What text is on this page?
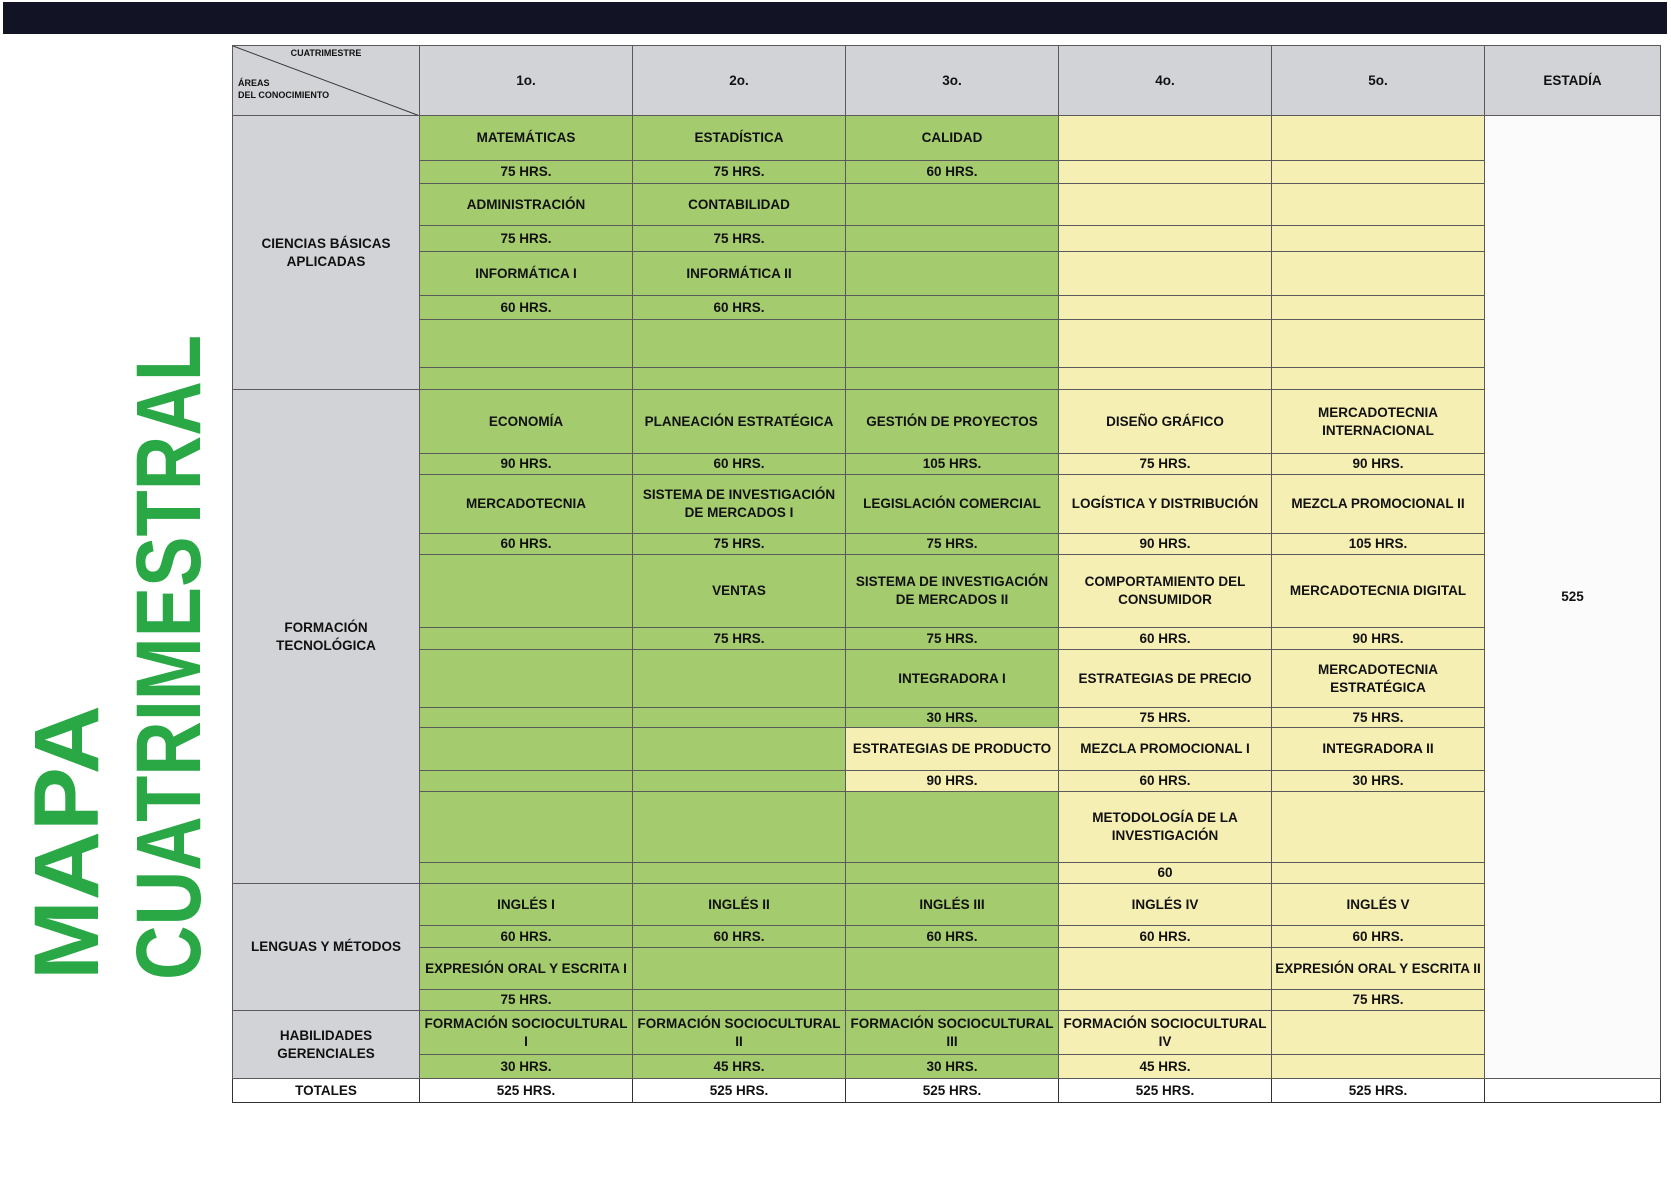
MAPA CUATRIMESTRAL
CUATRIMESTRE
ÁREAS
DEL CONOCIMIENTO	1o.	2o.	3o.	4o.	5o.	ESTADÍA
CIENCIAS BÁSICAS APLICADAS	MATEMÁTICAS	ESTADÍSTICA	CALIDAD			525
	75 HRS.	75 HRS.	60 HRS.			
	ADMINISTRACIÓN	CONTABILIDAD				
	75 HRS.	75 HRS.				
	INFORMÁTICA I	INFORMÁTICA II				
	60 HRS.	60 HRS.				

FORMACIÓN TECNOLÓGICA	ECONOMÍA	PLANEACIÓN ESTRATÉGICA	GESTIÓN DE PROYECTOS	DISEÑO GRÁFICO	MERCADOTECNIA INTERNACIONAL	
	90 HRS.	60 HRS.	105 HRS.	75 HRS.	90 HRS.	
	MERCADOTECNIA	SISTEMA DE INVESTIGACIÓN DE MERCADOS I	LEGISLACIÓN COMERCIAL	LOGÍSTICA Y DISTRIBUCIÓN	MEZCLA PROMOCIONAL II	
	60 HRS.	75 HRS.	75 HRS.	90 HRS.	105 HRS.	
		VENTAS	SISTEMA DE INVESTIGACIÓN DE MERCADOS II	COMPORTAMIENTO DEL CONSUMIDOR	MERCADOTECNIA DIGITAL	
		75 HRS.	75 HRS.	60 HRS.	90 HRS.	
			INTEGRADORA I	ESTRATEGIAS DE PRECIO	MERCADOTECNIA ESTRATÉGICA	
			30 HRS.	75 HRS.	75 HRS.	
			ESTRATEGIAS DE PRODUCTO	MEZCLA PROMOCIONAL I	INTEGRADORA II	
			90 HRS.	60 HRS.	30 HRS.	
				METODOLOGÍA DE LA INVESTIGACIÓN		
				60		
LENGUAS Y MÉTODOS	INGLÉS I	INGLÉS II	INGLÉS III	INGLÉS IV	INGLÉS V	
	60 HRS.	60 HRS.	60 HRS.	60 HRS.	60 HRS.	
	EXPRESIÓN ORAL Y ESCRITA I				EXPRESIÓN ORAL Y ESCRITA II	
	75 HRS.				75 HRS.	
HABILIDADES GERENCIALES	FORMACIÓN SOCIOCULTURAL I	FORMACIÓN SOCIOCULTURAL II	FORMACIÓN SOCIOCULTURAL III	FORMACIÓN SOCIOCULTURAL IV		
	30 HRS.	45 HRS.	30 HRS.	45 HRS.		
TOTALES	525 HRS.	525 HRS.	525 HRS.	525 HRS.	525 HRS.	
